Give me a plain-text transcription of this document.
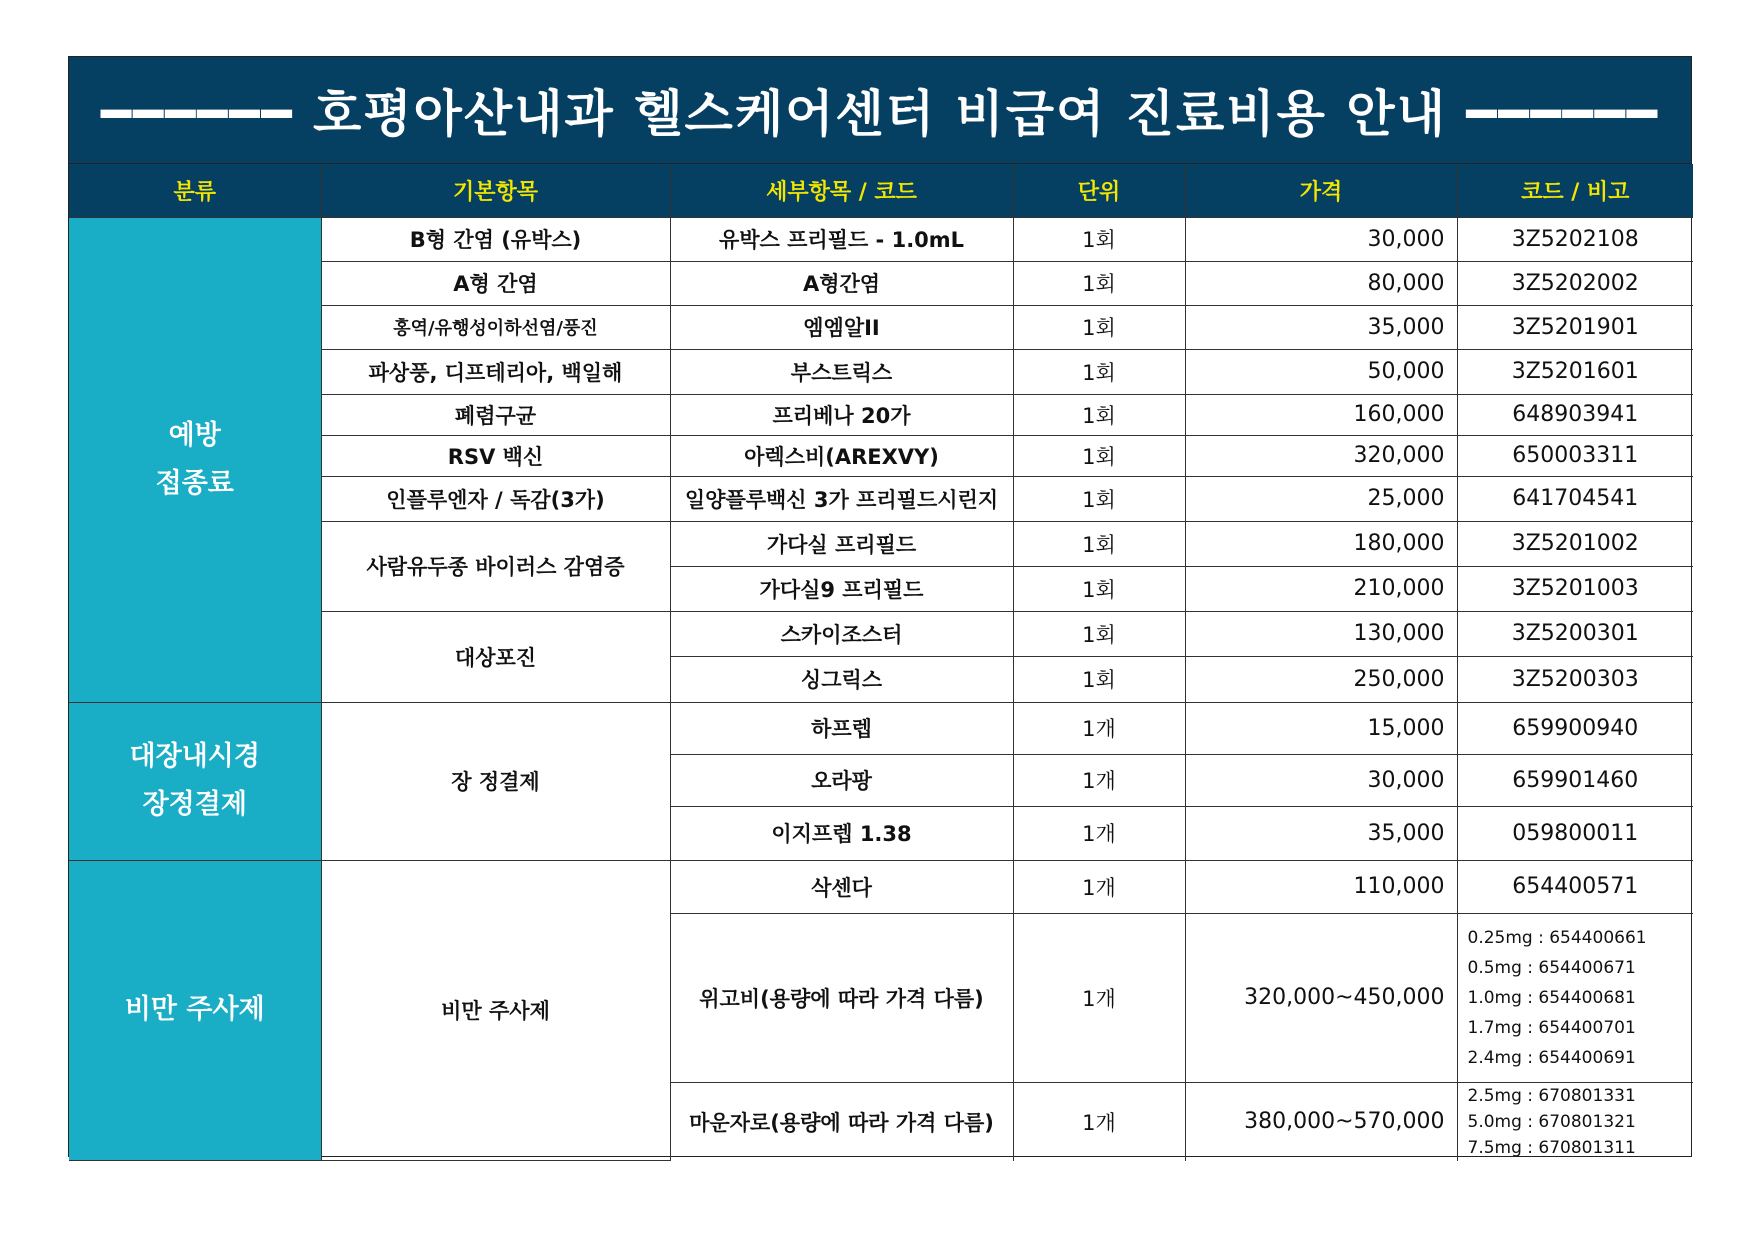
━━━━━━ 호평아산내과 헬스케어센터 비급여 진료비용 안내 ━━━━━━
분류	기본항목	세부항목 / 코드	단위	가격	코드 / 비고
예방
접종료	B형 간염 (유박스)	유박스 프리필드 - 1.0mL	1회	30,000	3Z5202108
	A형 간염	A형간염	1회	80,000	3Z5202002
	홍역/유행성이하선염/풍진	엠엠알II	1회	35,000	3Z5201901
	파상풍, 디프테리아, 백일해	부스트릭스	1회	50,000	3Z5201601
	폐렴구균	프리베나 20가	1회	160,000	648903941
	RSV 백신	아렉스비(AREXVY)	1회	320,000	650003311
	인플루엔자 / 독감(3가)	일양플루백신 3가 프리필드시린지	1회	25,000	641704541
	사람유두종 바이러스 감염증	가다실 프리필드	1회	180,000	3Z5201002
		가다실9 프리필드	1회	210,000	3Z5201003
	대상포진	스카이조스터	1회	130,000	3Z5200301
		싱그릭스	1회	250,000	3Z5200303
대장내시경
장정결제	장 정결제	하프렙	1개	15,000	659900940
		오라팡	1개	30,000	659901460
		이지프렙 1.38	1개	35,000	059800011
비만 주사제	비만 주사제	삭센다	1개	110,000	654400571
		위고비(용량에 따라 가격 다름)	1개	320,000~450,000	0.25mg : 654400661
0.5mg : 654400671
1.0mg : 654400681
1.7mg : 654400701
2.4mg : 654400691

		마운자로(용량에 따라 가격 다름)	1개	380,000~570,000	2.5mg : 670801331
5.0mg : 670801321
7.5mg : 670801311
